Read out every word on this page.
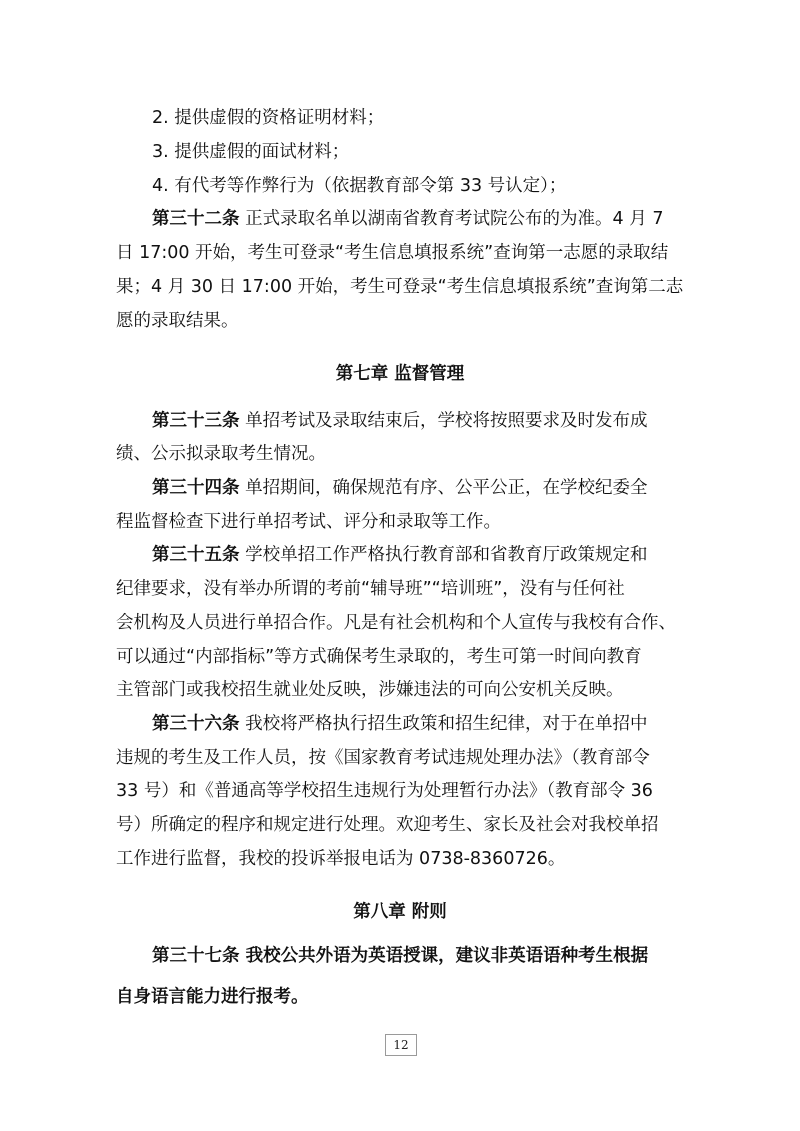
2. 提供虚假的资格证明材料；
3. 提供虚假的面试材料；
4. 有代考等作弊行为（依据教育部令第 33 号认定）；
第三十二条 正式录取名单以湖南省教育考试院公布的为准。4 月 7
日 17:00 开始，考生可登录“考生信息填报系统”查询第一志愿的录取结
果；4 月 30 日 17:00 开始，考生可登录“考生信息填报系统”查询第二志
愿的录取结果。
第七章 监督管理
第三十三条 单招考试及录取结束后，学校将按照要求及时发布成
绩、公示拟录取考生情况。
第三十四条 单招期间，确保规范有序、公平公正，在学校纪委全
程监督检查下进行单招考试、评分和录取等工作。
第三十五条 学校单招工作严格执行教育部和省教育厅政策规定和
纪律要求，没有举办所谓的考前“辅导班”“培训班”，没有与任何社
会机构及人员进行单招合作。凡是有社会机构和个人宣传与我校有合作、
可以通过“内部指标”等方式确保考生录取的，考生可第一时间向教育
主管部门或我校招生就业处反映，涉嫌违法的可向公安机关反映。
第三十六条 我校将严格执行招生政策和招生纪律，对于在单招中
违规的考生及工作人员，按《国家教育考试违规处理办法》（教育部令
33 号）和《普通高等学校招生违规行为处理暂行办法》（教育部令 36
号）所确定的程序和规定进行处理。欢迎考生、家长及社会对我校单招
工作进行监督，我校的投诉举报电话为 0738-8360726。
第八章 附则
第三十七条 我校公共外语为英语授课，建议非英语语种考生根据
自身语言能力进行报考。
12
